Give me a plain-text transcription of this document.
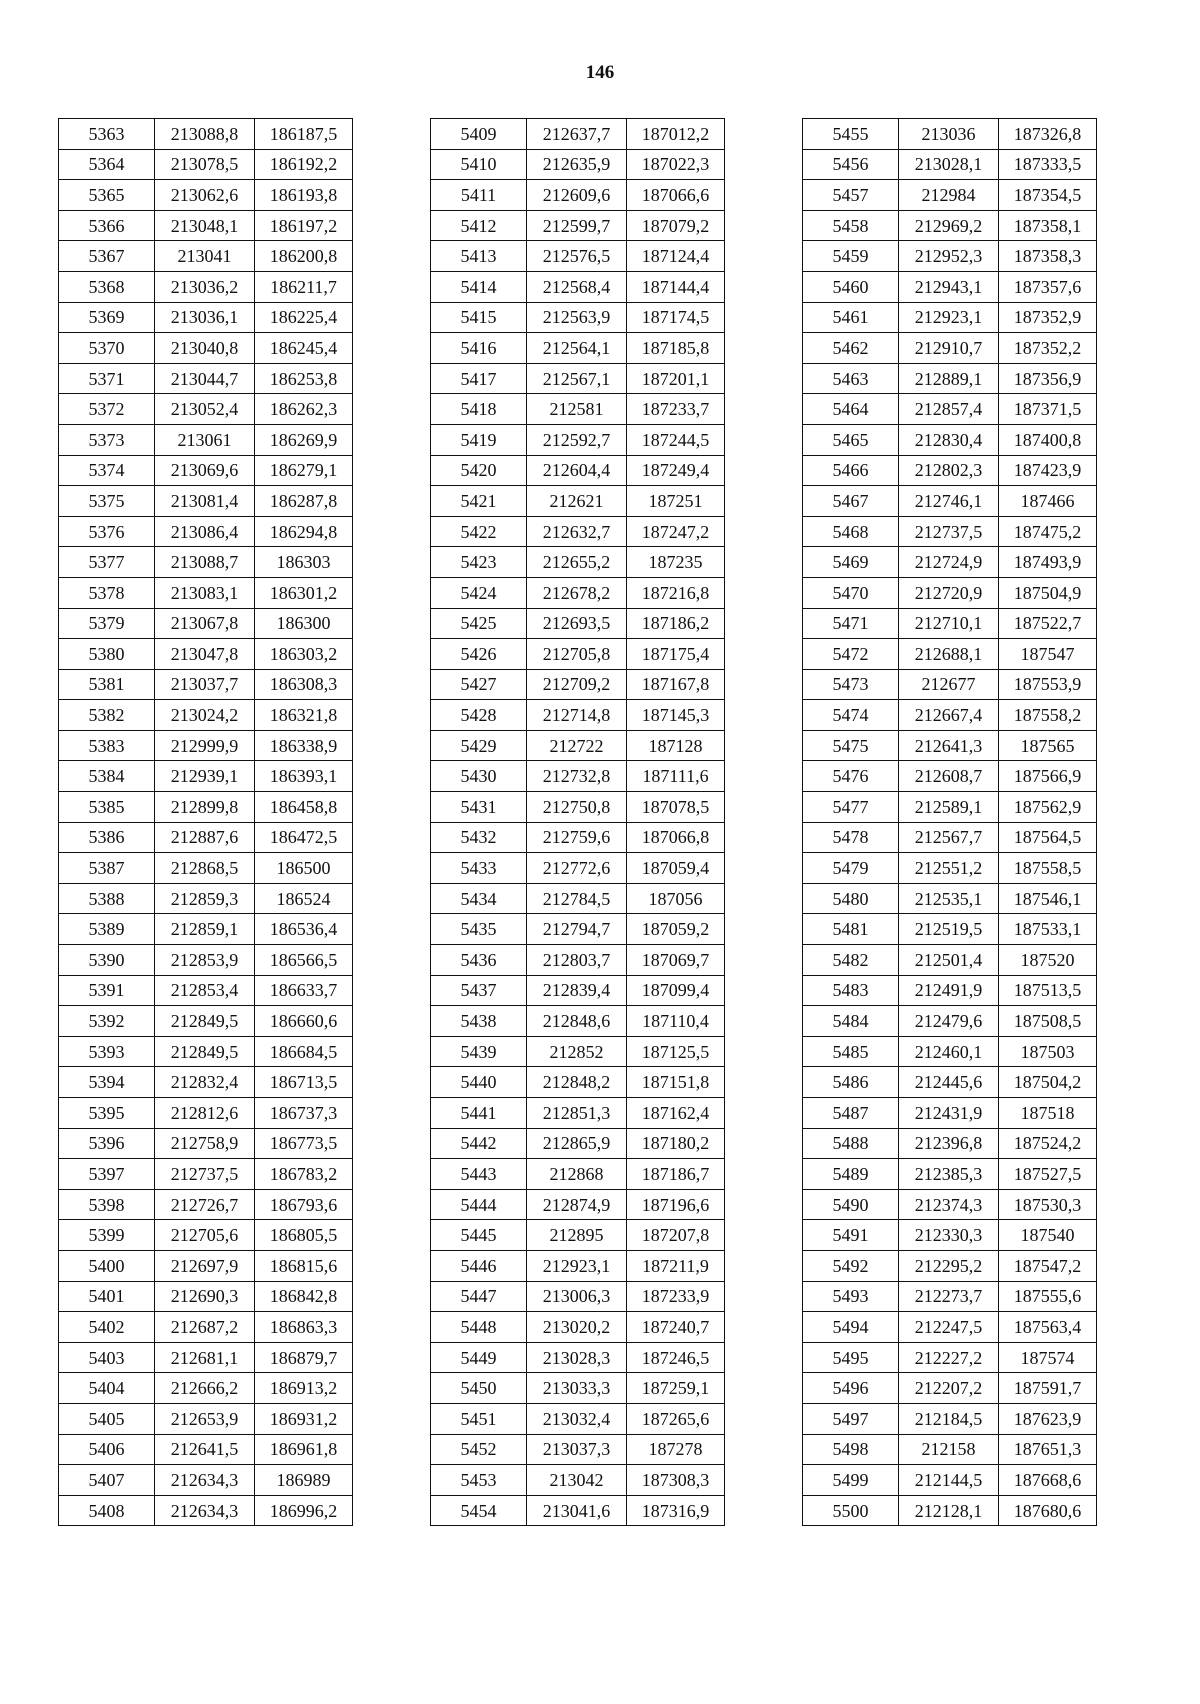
146
5363	213088,8	186187,5
5364	213078,5	186192,2
5365	213062,6	186193,8
5366	213048,1	186197,2
5367	213041	186200,8
5368	213036,2	186211,7
5369	213036,1	186225,4
5370	213040,8	186245,4
5371	213044,7	186253,8
5372	213052,4	186262,3
5373	213061	186269,9
5374	213069,6	186279,1
5375	213081,4	186287,8
5376	213086,4	186294,8
5377	213088,7	186303
5378	213083,1	186301,2
5379	213067,8	186300
5380	213047,8	186303,2
5381	213037,7	186308,3
5382	213024,2	186321,8
5383	212999,9	186338,9
5384	212939,1	186393,1
5385	212899,8	186458,8
5386	212887,6	186472,5
5387	212868,5	186500
5388	212859,3	186524
5389	212859,1	186536,4
5390	212853,9	186566,5
5391	212853,4	186633,7
5392	212849,5	186660,6
5393	212849,5	186684,5
5394	212832,4	186713,5
5395	212812,6	186737,3
5396	212758,9	186773,5
5397	212737,5	186783,2
5398	212726,7	186793,6
5399	212705,6	186805,5
5400	212697,9	186815,6
5401	212690,3	186842,8
5402	212687,2	186863,3
5403	212681,1	186879,7
5404	212666,2	186913,2
5405	212653,9	186931,2
5406	212641,5	186961,8
5407	212634,3	186989
5408	212634,3	186996,2
5409	212637,7	187012,2
5410	212635,9	187022,3
5411	212609,6	187066,6
5412	212599,7	187079,2
5413	212576,5	187124,4
5414	212568,4	187144,4
5415	212563,9	187174,5
5416	212564,1	187185,8
5417	212567,1	187201,1
5418	212581	187233,7
5419	212592,7	187244,5
5420	212604,4	187249,4
5421	212621	187251
5422	212632,7	187247,2
5423	212655,2	187235
5424	212678,2	187216,8
5425	212693,5	187186,2
5426	212705,8	187175,4
5427	212709,2	187167,8
5428	212714,8	187145,3
5429	212722	187128
5430	212732,8	187111,6
5431	212750,8	187078,5
5432	212759,6	187066,8
5433	212772,6	187059,4
5434	212784,5	187056
5435	212794,7	187059,2
5436	212803,7	187069,7
5437	212839,4	187099,4
5438	212848,6	187110,4
5439	212852	187125,5
5440	212848,2	187151,8
5441	212851,3	187162,4
5442	212865,9	187180,2
5443	212868	187186,7
5444	212874,9	187196,6
5445	212895	187207,8
5446	212923,1	187211,9
5447	213006,3	187233,9
5448	213020,2	187240,7
5449	213028,3	187246,5
5450	213033,3	187259,1
5451	213032,4	187265,6
5452	213037,3	187278
5453	213042	187308,3
5454	213041,6	187316,9
5455	213036	187326,8
5456	213028,1	187333,5
5457	212984	187354,5
5458	212969,2	187358,1
5459	212952,3	187358,3
5460	212943,1	187357,6
5461	212923,1	187352,9
5462	212910,7	187352,2
5463	212889,1	187356,9
5464	212857,4	187371,5
5465	212830,4	187400,8
5466	212802,3	187423,9
5467	212746,1	187466
5468	212737,5	187475,2
5469	212724,9	187493,9
5470	212720,9	187504,9
5471	212710,1	187522,7
5472	212688,1	187547
5473	212677	187553,9
5474	212667,4	187558,2
5475	212641,3	187565
5476	212608,7	187566,9
5477	212589,1	187562,9
5478	212567,7	187564,5
5479	212551,2	187558,5
5480	212535,1	187546,1
5481	212519,5	187533,1
5482	212501,4	187520
5483	212491,9	187513,5
5484	212479,6	187508,5
5485	212460,1	187503
5486	212445,6	187504,2
5487	212431,9	187518
5488	212396,8	187524,2
5489	212385,3	187527,5
5490	212374,3	187530,3
5491	212330,3	187540
5492	212295,2	187547,2
5493	212273,7	187555,6
5494	212247,5	187563,4
5495	212227,2	187574
5496	212207,2	187591,7
5497	212184,5	187623,9
5498	212158	187651,3
5499	212144,5	187668,6
5500	212128,1	187680,6
